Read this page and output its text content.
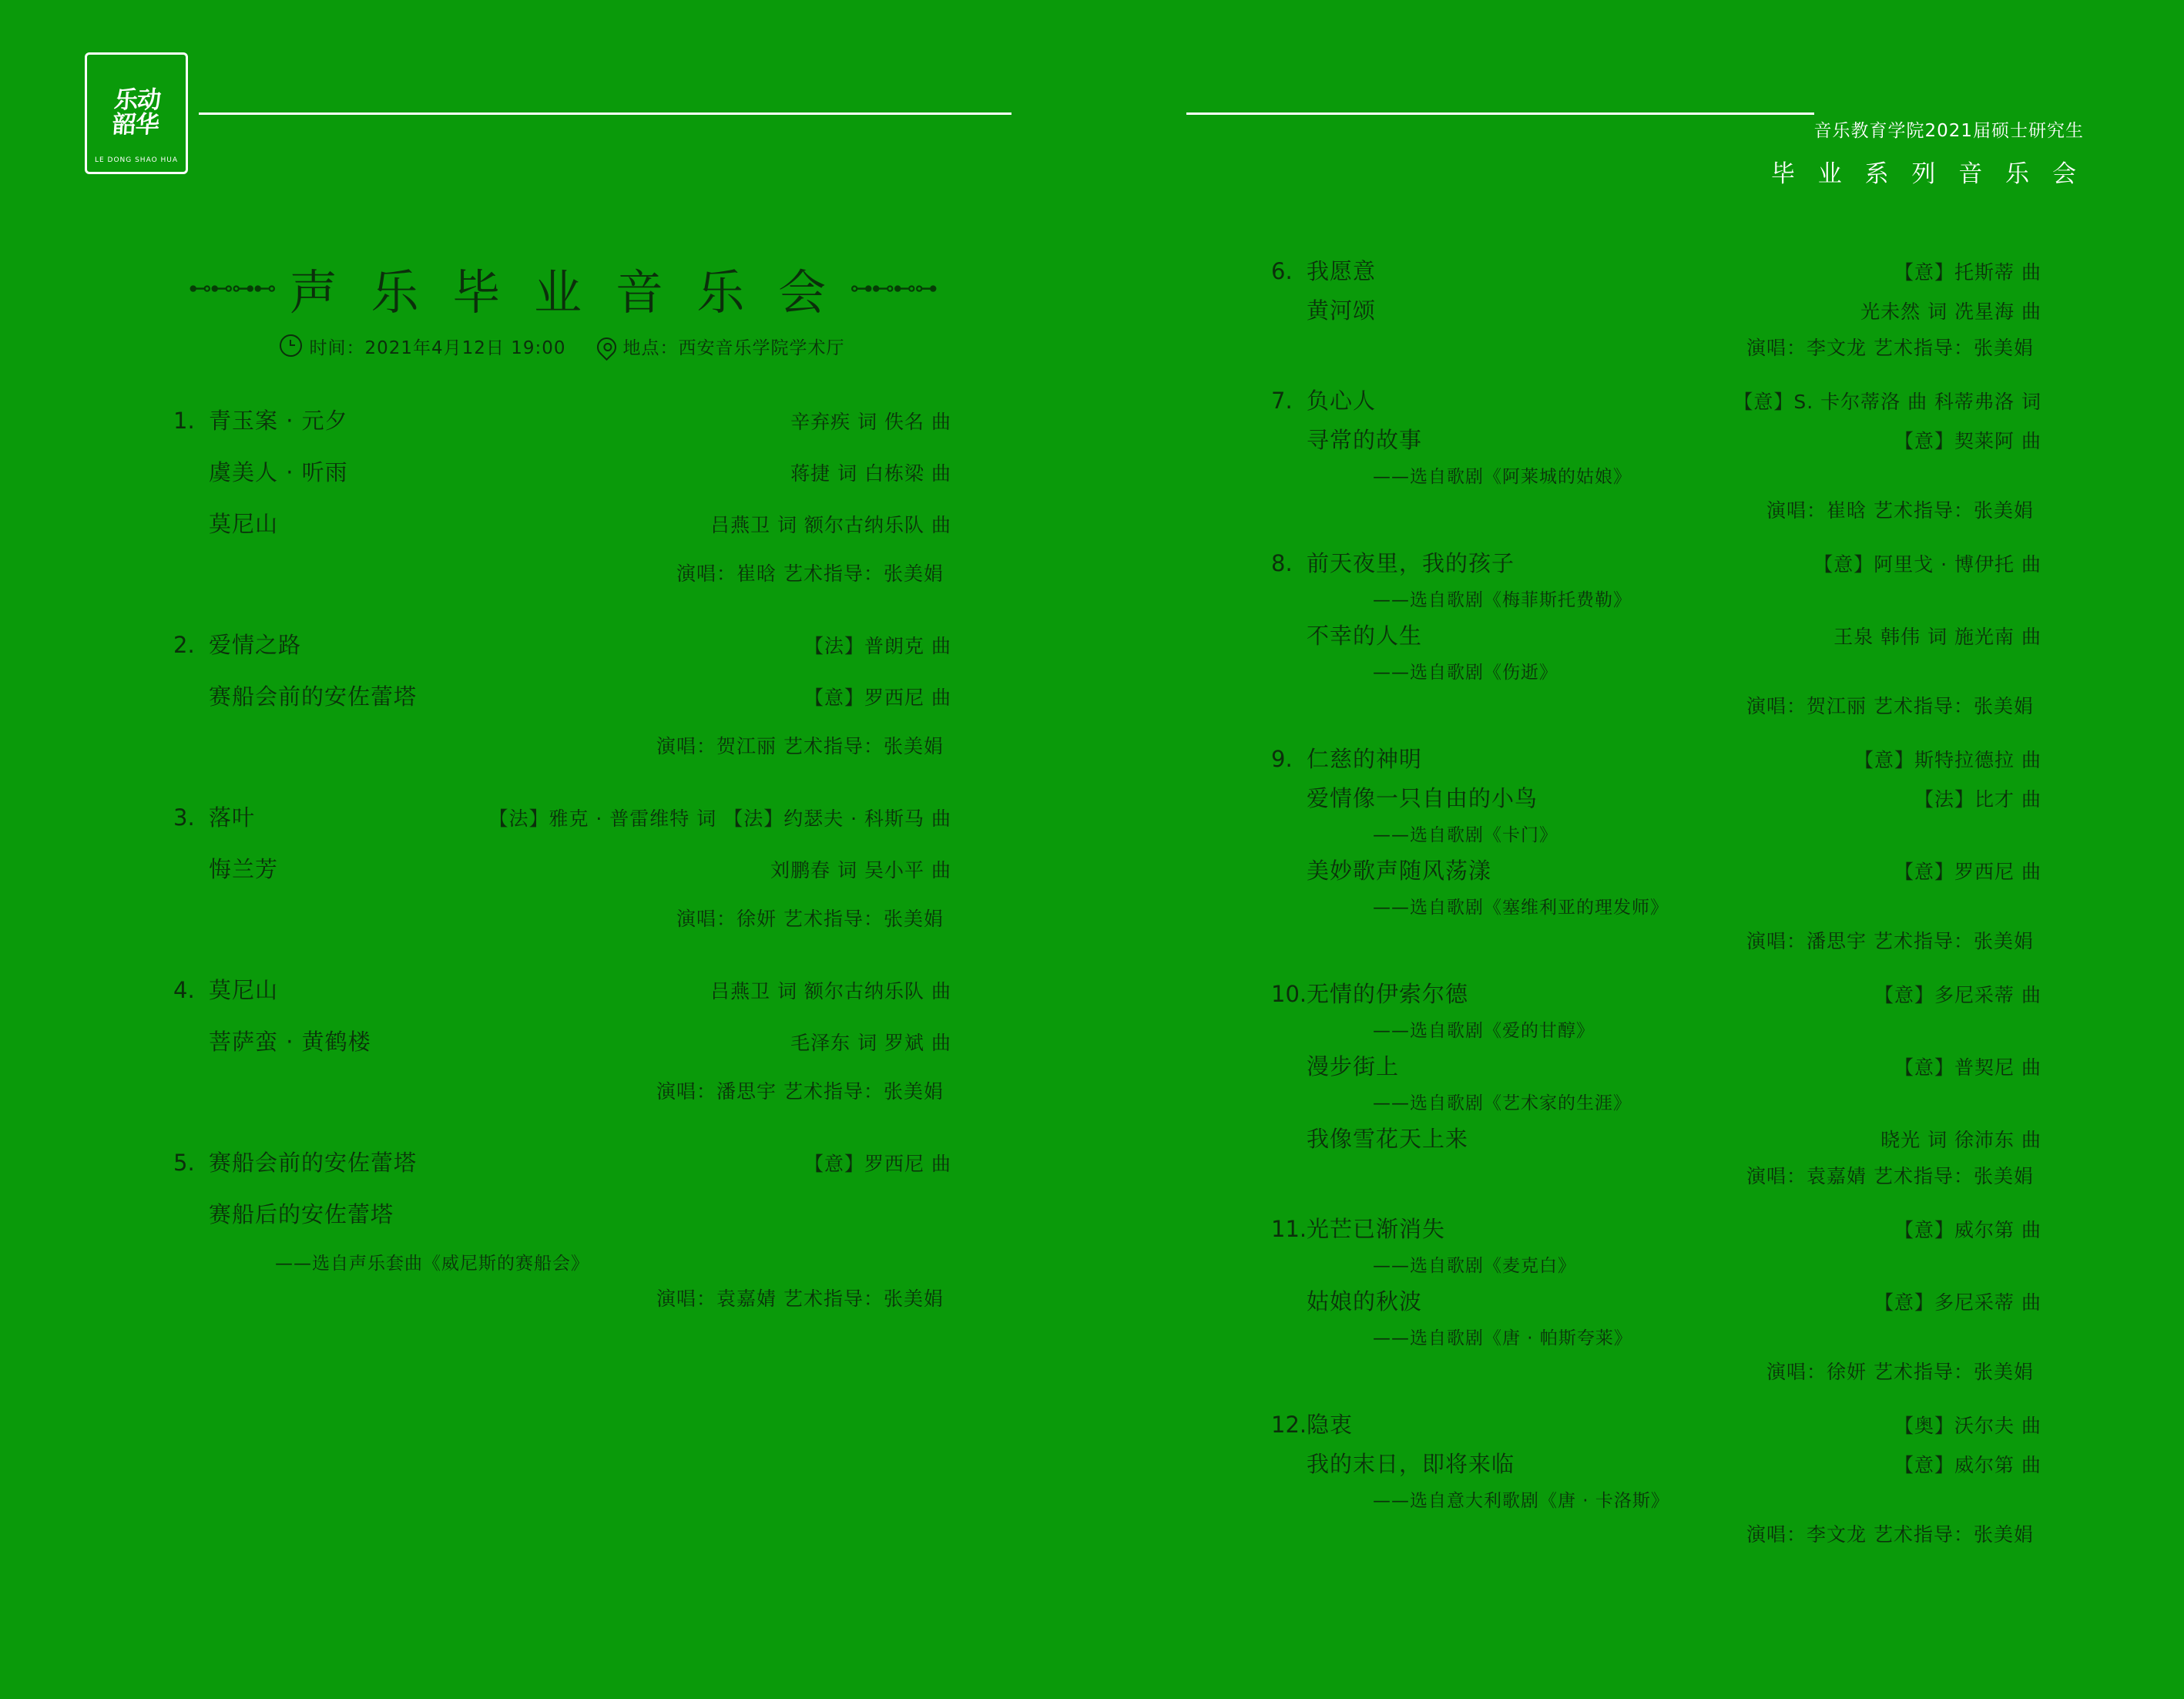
乐动
韶华
LE DONG SHAO HUA
音乐教育学院2021届硕士研究生
毕 业 系 列 音 乐 会
⊷⊷⊶⊷ 声 乐 毕 业 音 乐 会 ⊶⊷⊷⊶
时间：2021年4月12日 19:00	地点：西安音乐学院学术厅
1. 青玉案 · 元夕	辛弃疾 词 佚名 曲
虞美人 · 听雨	蒋捷 词 白栋梁 曲
莫尼山	吕燕卫 词 额尔古纳乐队 曲
演唱：崔晗 艺术指导：张美娟
2. 爱情之路	【法】普朗克 曲
赛船会前的安佐蕾塔	【意】罗西尼 曲
演唱：贺江丽 艺术指导：张美娟
3. 落叶	【法】雅克 · 普雷维特 词 【法】约瑟夫 · 科斯马 曲
悔兰芳	刘鹏春 词 吴小平 曲
演唱：徐妍 艺术指导：张美娟
4. 莫尼山	吕燕卫 词 额尔古纳乐队 曲
菩萨蛮 · 黄鹤楼	毛泽东 词 罗斌 曲
演唱：潘思宇 艺术指导：张美娟
5. 赛船会前的安佐蕾塔	【意】罗西尼 曲
赛船后的安佐蕾塔
——选自声乐套曲《威尼斯的赛船会》
演唱：袁嘉婧 艺术指导：张美娟
6. 我愿意	【意】托斯蒂 曲
黄河颂	光未然 词 冼星海 曲
演唱：李文龙 艺术指导：张美娟
7. 负心人	【意】S. 卡尔蒂洛 曲 科蒂弗洛 词
寻常的故事	【意】契莱阿 曲
——选自歌剧《阿莱城的姑娘》
演唱：崔晗 艺术指导：张美娟
8. 前天夜里，我的孩子	【意】阿里戈 · 博伊托 曲
——选自歌剧《梅菲斯托费勒》
不幸的人生	王泉 韩伟 词 施光南 曲
——选自歌剧《伤逝》
演唱：贺江丽 艺术指导：张美娟
9. 仁慈的神明	【意】斯特拉德拉 曲
爱情像一只自由的小鸟	【法】比才 曲
——选自歌剧《卡门》
美妙歌声随风荡漾	【意】罗西尼 曲
——选自歌剧《塞维利亚的理发师》
演唱：潘思宇 艺术指导：张美娟
10. 无情的伊索尔德	【意】多尼采蒂 曲
——选自歌剧《爱的甘醇》
漫步街上	【意】普契尼 曲
——选自歌剧《艺术家的生涯》
我像雪花天上来	晓光 词 徐沛东 曲
演唱：袁嘉婧 艺术指导：张美娟
11. 光芒已渐消失	【意】威尔第 曲
——选自歌剧《麦克白》
姑娘的秋波	【意】多尼采蒂 曲
——选自歌剧《唐 · 帕斯夸莱》
演唱：徐妍 艺术指导：张美娟
12. 隐衷	【奥】沃尔夫 曲
我的末日，即将来临	【意】威尔第 曲
——选自意大利歌剧《唐 · 卡洛斯》
演唱：李文龙 艺术指导：张美娟
